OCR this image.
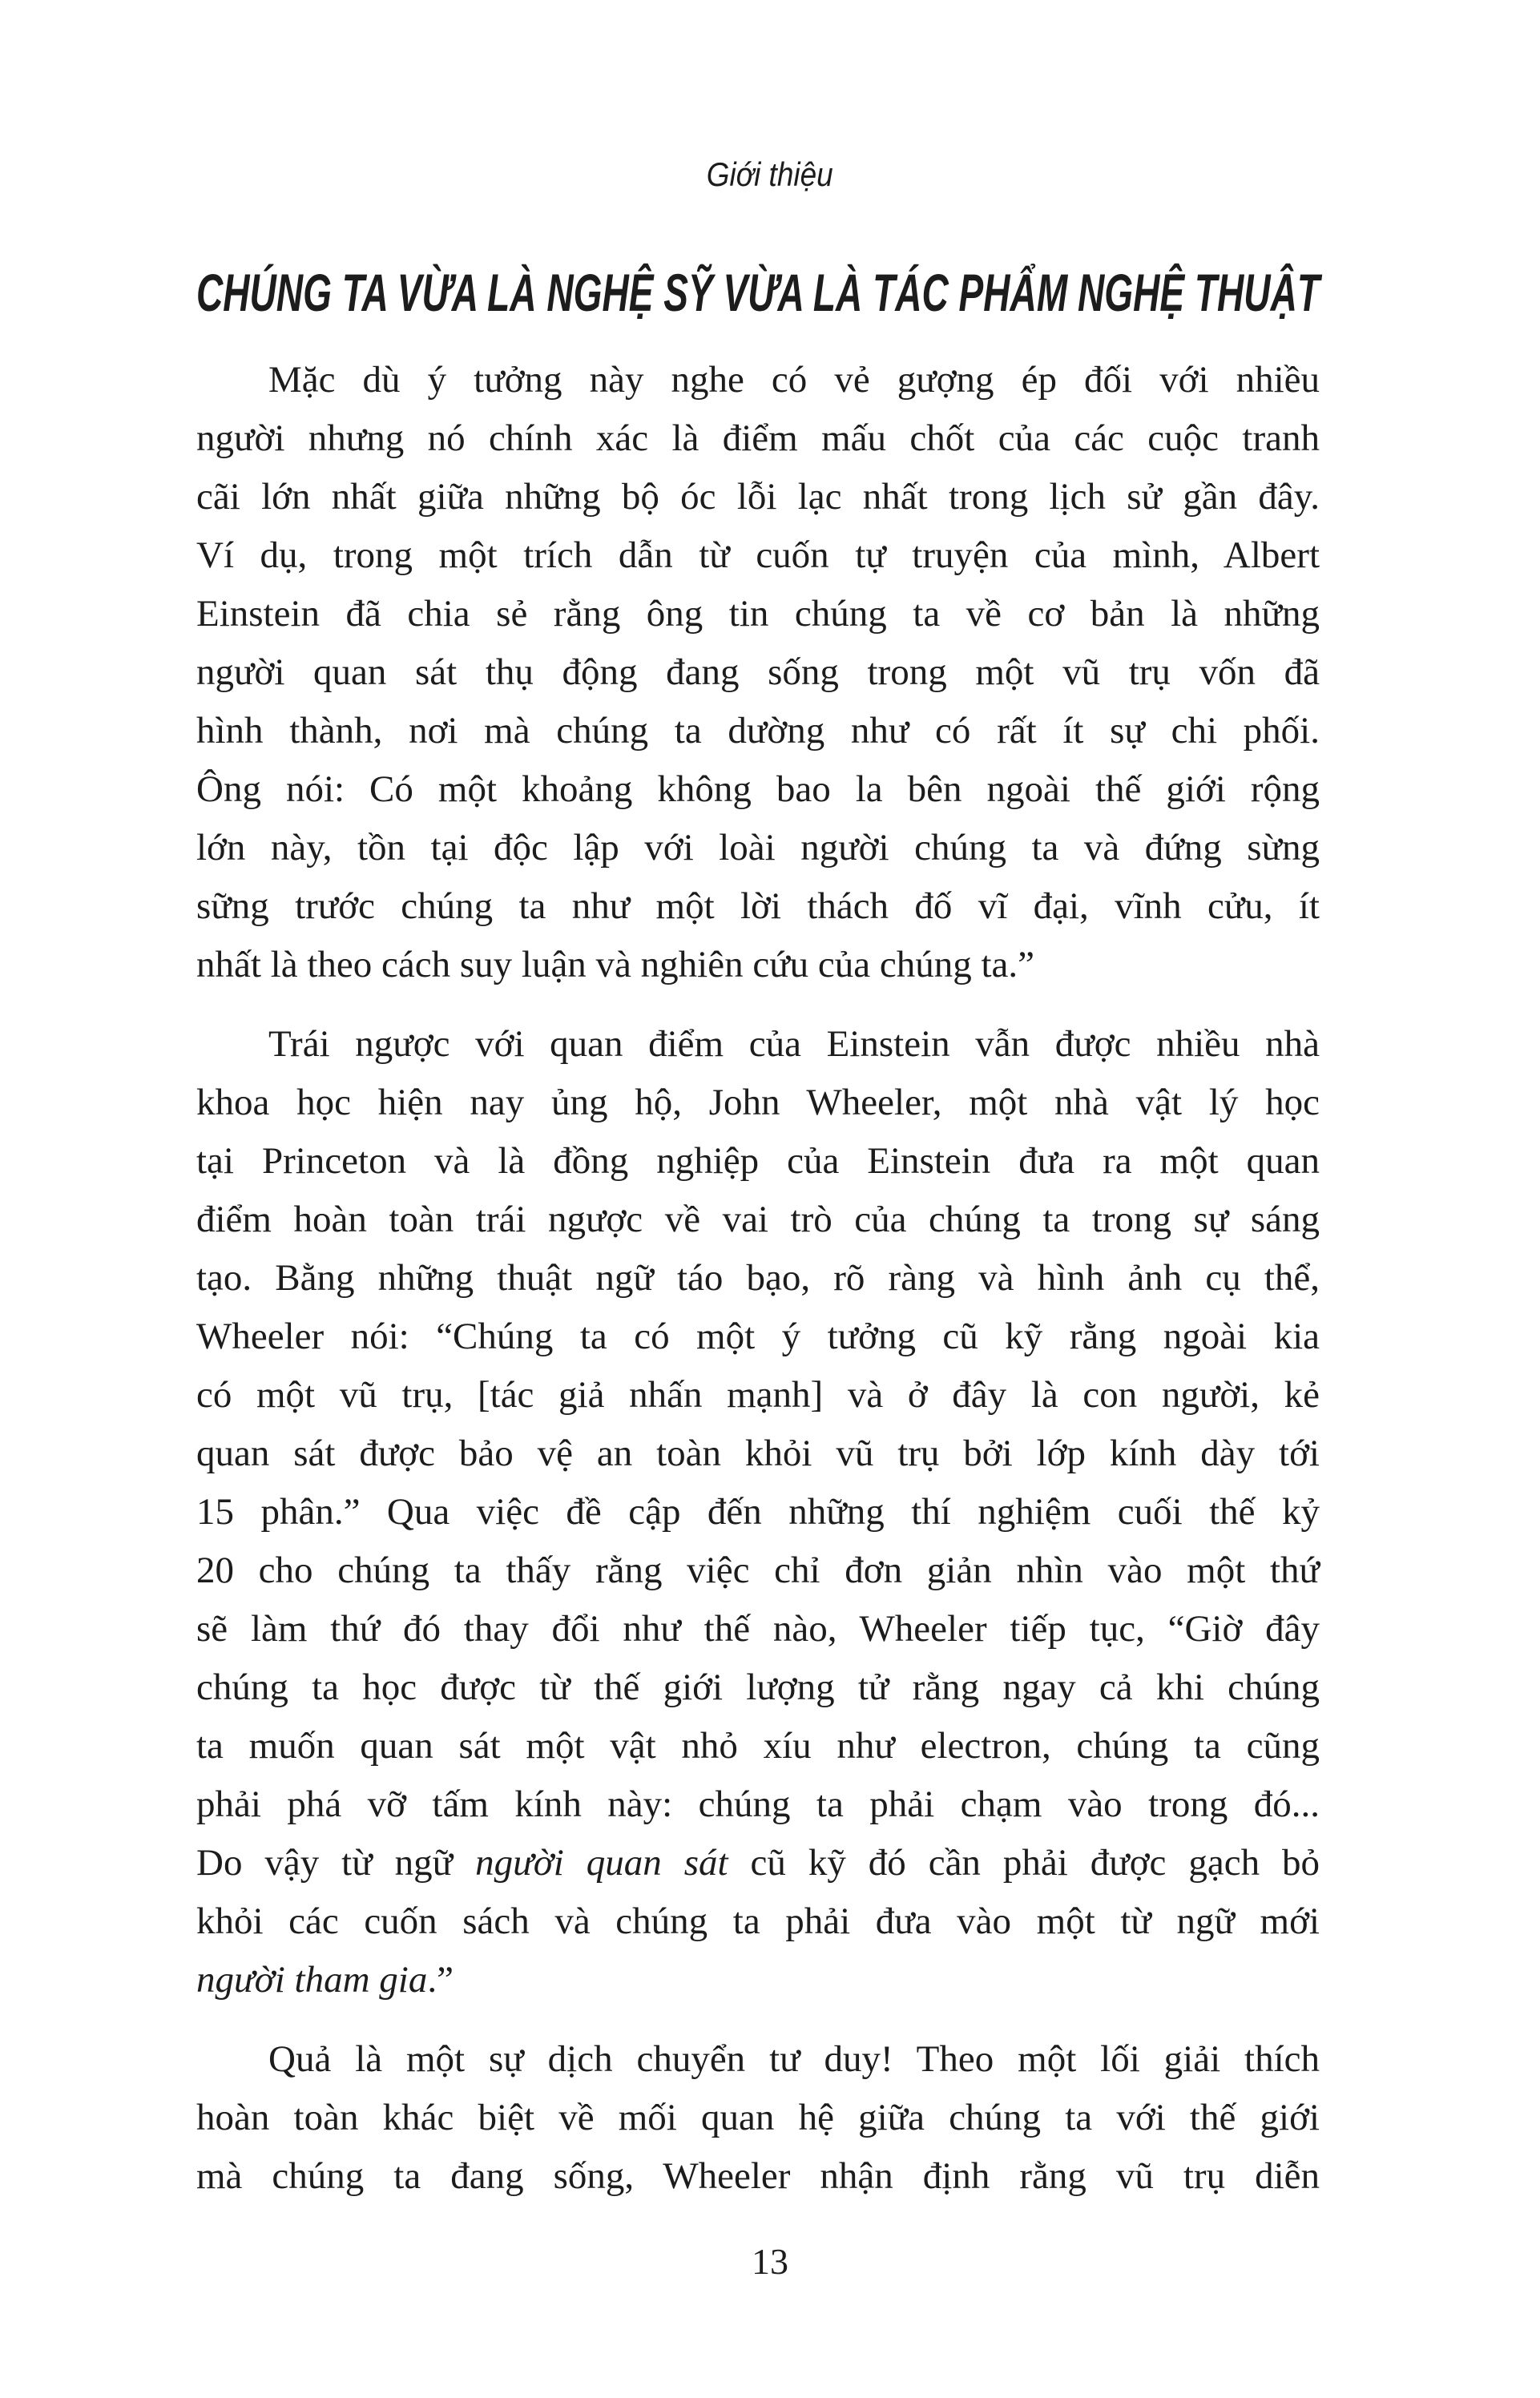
Giới thiệu
CHÚNG TA VỪA LÀ NGHỆ SỸ VỪA LÀ TÁC PHẨM NGHỆ THUẬT

Mặc dù ý tưởng này nghe có vẻ gượng ép đối với nhiều
người nhưng nó chính xác là điểm mấu chốt của các cuộc tranh
cãi lớn nhất giữa những bộ óc lỗi lạc nhất trong lịch sử gần đây.
Ví dụ, trong một trích dẫn từ cuốn tự truyện của mình, Albert
Einstein đã chia sẻ rằng ông tin chúng ta về cơ bản là những
người quan sát thụ động đang sống trong một vũ trụ vốn đã
hình thành, nơi mà chúng ta dường như có rất ít sự chi phối.
Ông nói: Có một khoảng không bao la bên ngoài thế giới rộng
lớn này, tồn tại độc lập với loài người chúng ta và đứng sừng
sững trước chúng ta như một lời thách đố vĩ đại, vĩnh cửu, ít
nhất là theo cách suy luận và nghiên cứu của chúng ta.”

Trái ngược với quan điểm của Einstein vẫn được nhiều nhà
khoa học hiện nay ủng hộ, John Wheeler, một nhà vật lý học
tại Princeton và là đồng nghiệp của Einstein đưa ra một quan
điểm hoàn toàn trái ngược về vai trò của chúng ta trong sự sáng
tạo. Bằng những thuật ngữ táo bạo, rõ ràng và hình ảnh cụ thể,
Wheeler nói: “Chúng ta có một ý tưởng cũ kỹ rằng ngoài kia
có một vũ trụ, [tác giả nhấn mạnh] và ở đây là con người, kẻ
quan sát được bảo vệ an toàn khỏi vũ trụ bởi lớp kính dày tới
15 phân.” Qua việc đề cập đến những thí nghiệm cuối thế kỷ
20 cho chúng ta thấy rằng việc chỉ đơn giản nhìn vào một thứ
sẽ làm thứ đó thay đổi như thế nào, Wheeler tiếp tục, “Giờ đây
chúng ta học được từ thế giới lượng tử rằng ngay cả khi chúng
ta muốn quan sát một vật nhỏ xíu như electron, chúng ta cũng
phải phá vỡ tấm kính này: chúng ta phải chạm vào trong đó...
Do vậy từ ngữ người quan sát cũ kỹ đó cần phải được gạch bỏ
khỏi các cuốn sách và chúng ta phải đưa vào một từ ngữ mới
người tham gia.”

Quả là một sự dịch chuyển tư duy! Theo một lối giải thích
hoàn toàn khác biệt về mối quan hệ giữa chúng ta với thế giới
mà chúng ta đang sống, Wheeler nhận định rằng vũ trụ diễn

13
